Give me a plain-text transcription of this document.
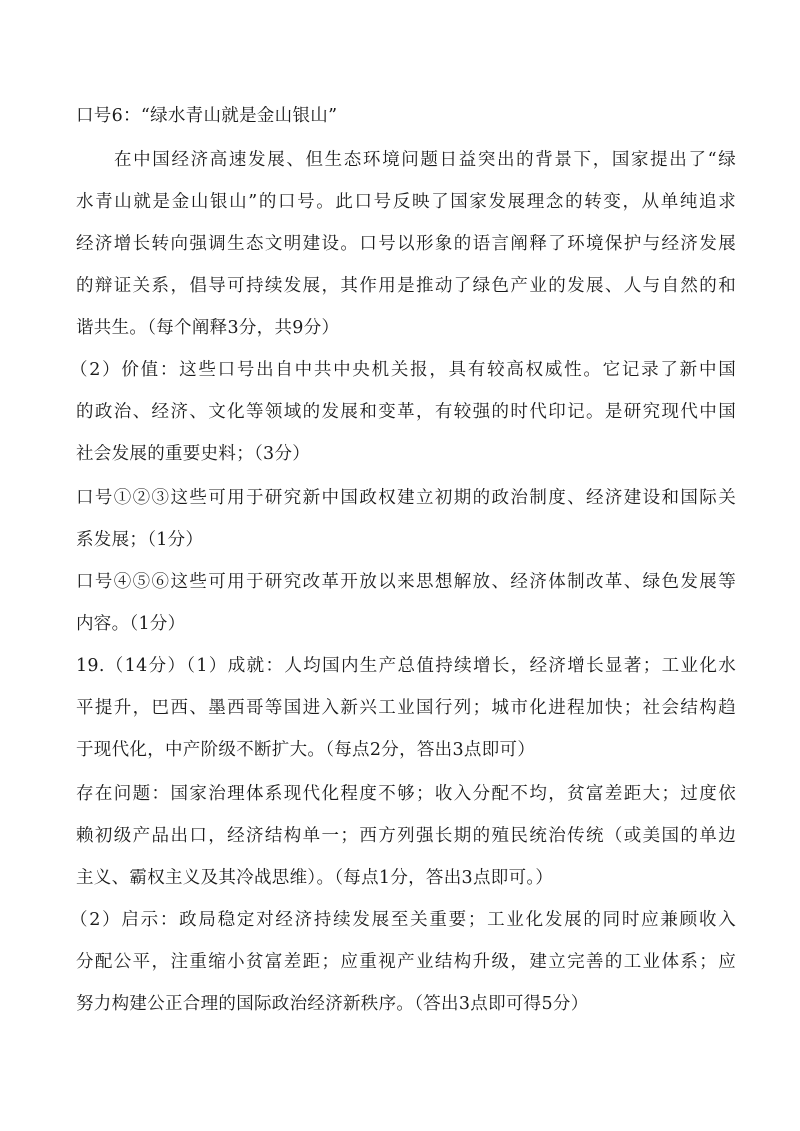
口号6：“绿水青山就是金山银山”
在中国经济高速发展、但生态环境问题日益突出的背景下，国家提出了“绿
水青山就是金山银山”的口号。此口号反映了国家发展理念的转变，从单纯追求
经济增长转向强调生态文明建设。口号以形象的语言阐释了环境保护与经济发展
的辩证关系，倡导可持续发展，其作用是推动了绿色产业的发展、人与自然的和
谐共生。（每个阐释3分，共9分）
（2）价值：这些口号出自中共中央机关报，具有较高权威性。它记录了新中国
的政治、经济、文化等领域的发展和变革，有较强的时代印记。是研究现代中国
社会发展的重要史料；（3分）
口号①②③这些可用于研究新中国政权建立初期的政治制度、经济建设和国际关
系发展；（1分）
口号④⑤⑥这些可用于研究改革开放以来思想解放、经济体制改革、绿色发展等
内容。（1分）
19.（14分）（1）成就：人均国内生产总值持续增长，经济增长显著；工业化水
平提升，巴西、墨西哥等国进入新兴工业国行列；城市化进程加快；社会结构趋
于现代化，中产阶级不断扩大。（每点2分，答出3点即可）
存在问题：国家治理体系现代化程度不够；收入分配不均，贫富差距大；过度依
赖初级产品出口，经济结构单一；西方列强长期的殖民统治传统（或美国的单边
主义、霸权主义及其冷战思维）。（每点1分，答出3点即可。）
（2）启示：政局稳定对经济持续发展至关重要；工业化发展的同时应兼顾收入
分配公平，注重缩小贫富差距；应重视产业结构升级，建立完善的工业体系；应
努力构建公正合理的国际政治经济新秩序。（答出3点即可得5分）
